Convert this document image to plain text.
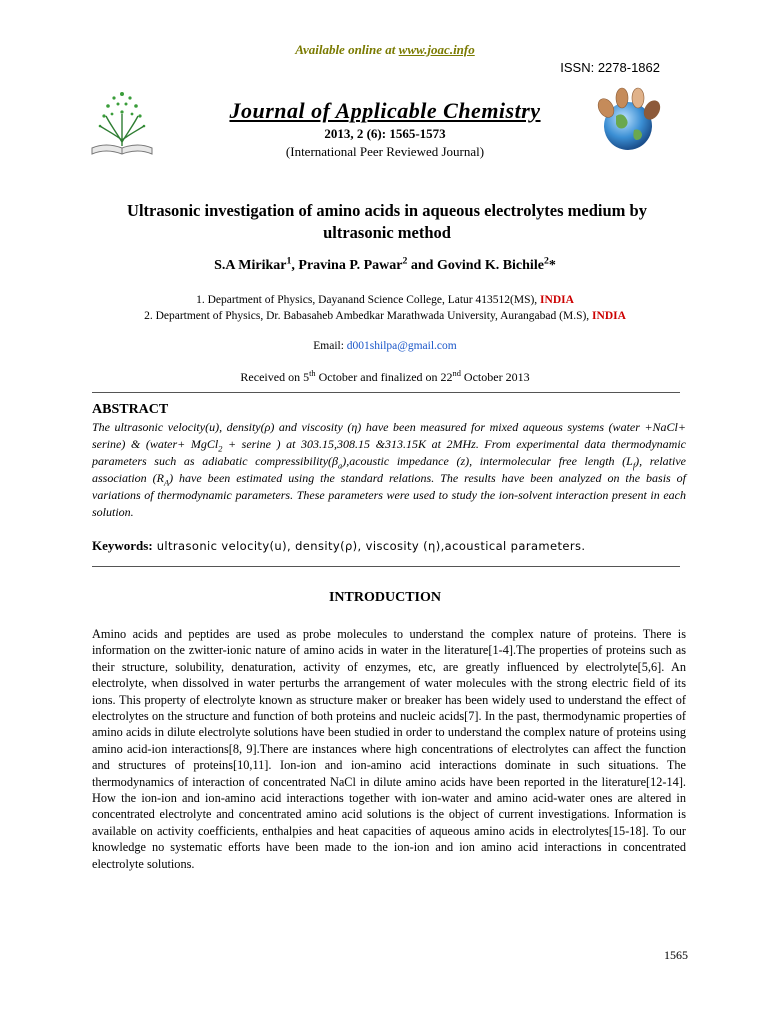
Available online at www.joac.info
ISSN: 2278-1862
Journal of Applicable Chemistry
2013, 2 (6): 1565-1573
(International Peer Reviewed Journal)
Ultrasonic investigation of amino acids in aqueous electrolytes medium by ultrasonic method
S.A Mirikar$^1$, Pravina P. Pawar$^2$ and Govind K. Bichile$^2$*
1. Department of Physics, Dayanand Science College, Latur 413512(MS), INDIA
2. Department of Physics, Dr. Babasaheb Ambedkar Marathwada University, Aurangabad (M.S), INDIA
Email: d001shilpa@gmail.com
Received on 5th October and finalized on 22nd October 2013
ABSTRACT
The ultrasonic velocity(u), density(ρ) and viscosity (η) have been measured for mixed aqueous systems (water +NaCl+ serine) & (water+ MgCl$_2$ + serine ) at 303.15,308.15 &313.15K at 2MHz. From experimental data thermodynamic parameters such as adiabatic $compressibility(\beta_a),acoustic$ impedance (z), intermolecular free length $(L_f)$, relative association $(R_A)$ have been estimated using the standard relations. The results have been analyzed on the basis of variations of thermodynamic parameters. These parameters were used to study the ion-solvent interaction present in each solution.
Keywords: ultrasonic velocity(u), density(ρ), viscosity (η),acoustical parameters.
INTRODUCTION
Amino acids and peptides are used as probe molecules to understand the complex nature of proteins. There is information on the zwitter-ionic nature of amino acids in water in the literature[1-4].The properties of proteins such as their structure, solubility, denaturation, activity of enzymes, etc, are greatly influenced by electrolyte[5,6]. An electrolyte, when dissolved in water perturbs the arrangement of water molecules with the strong electric field of its ions. This property of electrolyte known as structure maker or breaker has been widely used to understand the effect of electrolytes on the structure and function of both proteins and nucleic acids[7]. In the past, thermodynamic properties of amino acids in dilute electrolyte solutions have been studied in order to understand the complex nature of proteins using amino acid-ion interactions[8, 9].There are instances where high concentrations of electrolytes can affect the function and structures of proteins[10,11]. Ion-ion and ion-amino acid interactions dominate in such situations. The thermodynamics of interaction of concentrated NaCl in dilute amino acids have been reported in the literature[12-14]. How the ion-ion and ion-amino acid interactions together with ion-water and amino acid-water ones are altered in concentrated electrolyte and concentrated amino acid solutions is the object of current investigations. Information is available on activity coefficients, enthalpies and heat capacities of aqueous amino acids in electrolytes[15-18]. To our knowledge no systematic efforts have been made to the ion-ion and ion amino acid interactions in concentrated electrolyte solutions.
1565
